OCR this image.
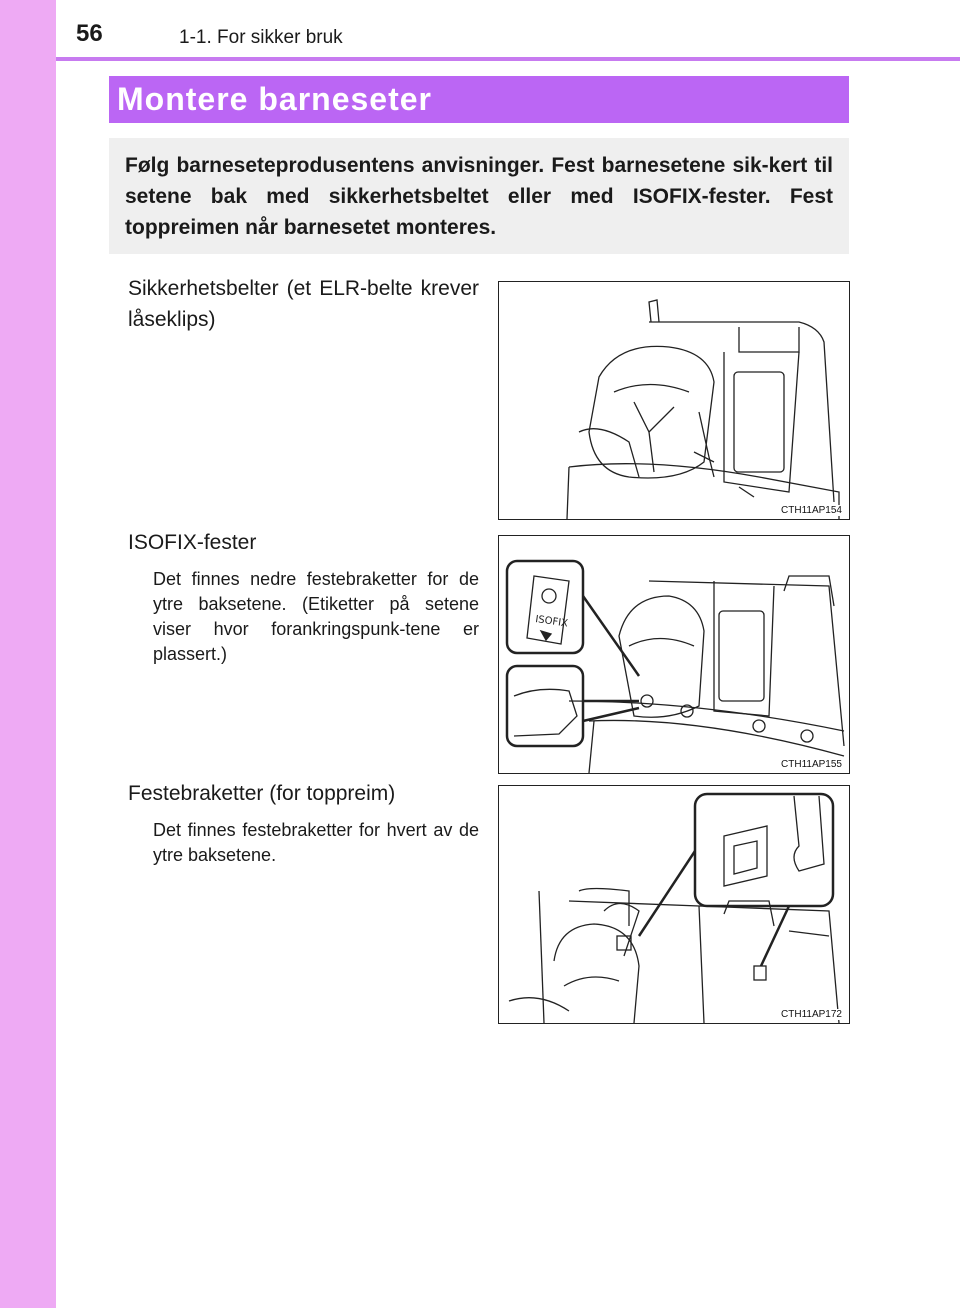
56	1-1. For sikker bruk
Montere barneseter

Følg barneseteprodusentens anvisninger. Fest barnesetene sik-kert til setene bak med sikkerhetsbeltet eller med ISOFIX-fester. Fest toppreimen når barnesetet monteres.

Sikkerhetsbelter (et ELR-belte krever låseklips)
CTH11AP154
ISOFIX-fester

Det finnes nedre festebraketter for de ytre baksetene. (Etiketter på setene viser hvor forankringspunk-tene er plassert.)

ISOFIX
CTH11AP155
Festebraketter (for toppreim)

Det finnes festebraketter for hvert av de ytre baksetene.

CTH11AP172
